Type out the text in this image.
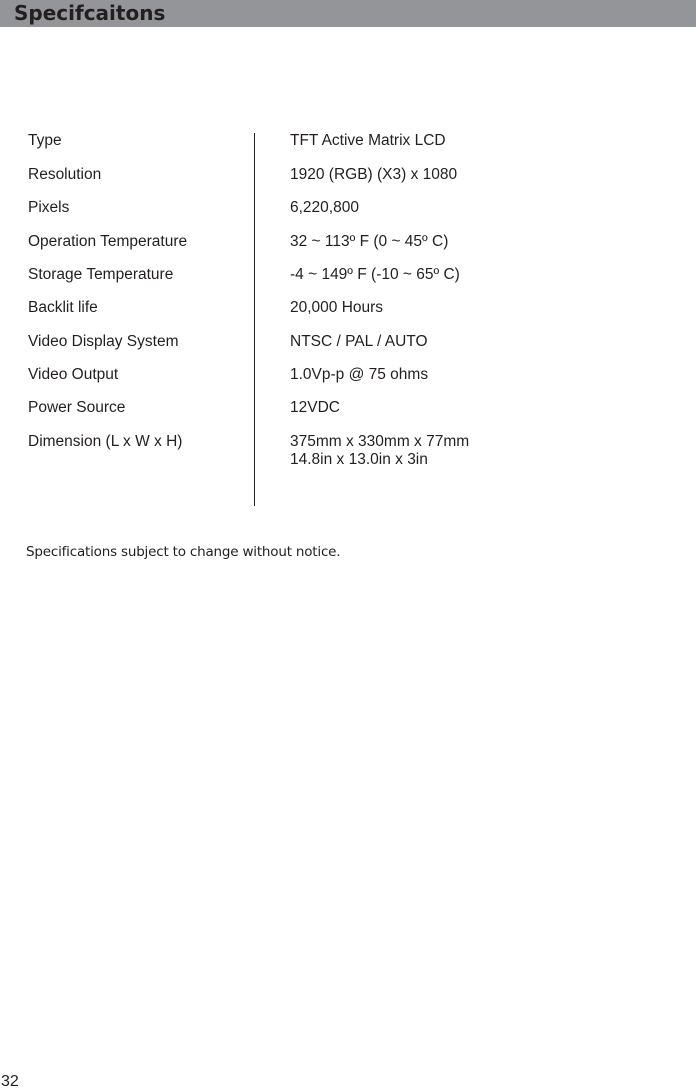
Specifcaitons
Type	TFT Active Matrix LCD
Resolution	1920 (RGB) (X3) x 1080
Pixels	6,220,800
Operation Temperature	32 ~ 113º F (0 ~ 45º C)
Storage Temperature	-4 ~ 149º F (-10 ~ 65º C)
Backlit life	20,000 Hours
Video Display System	NTSC / PAL / AUTO
Video Output	1.0Vp-p @ 75 ohms
Power Source	12VDC
Dimension (L x W x H)	375mm x 330mm x 77mm
14.8in x 13.0in x 3in
Specifications subject to change without notice.
32
